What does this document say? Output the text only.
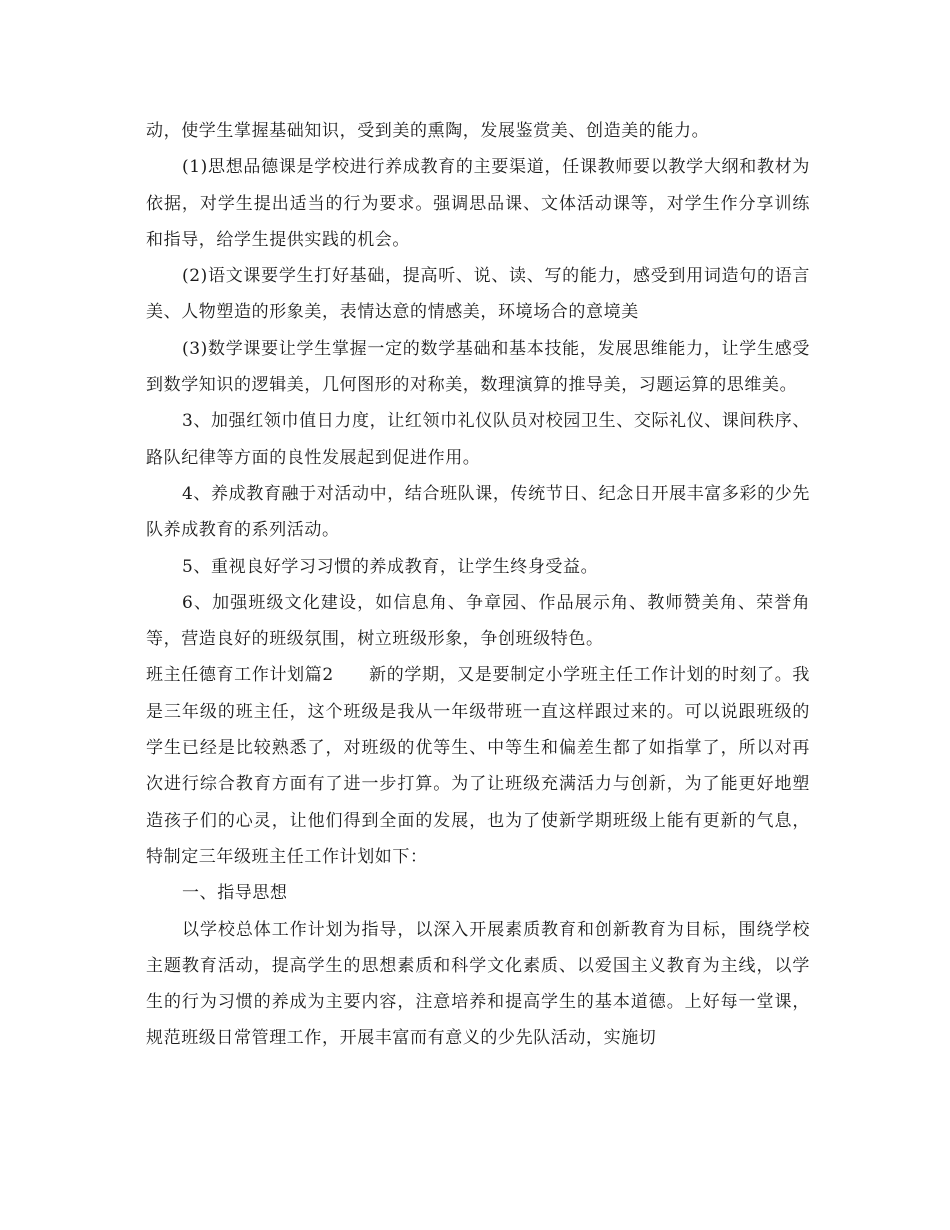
动，使学生掌握基础知识，受到美的熏陶，发展鉴赏美、创造美的能力。

(1)思想品德课是学校进行养成教育的主要渠道，任课教师要以教学大纲和教材为依据，对学生提出适当的行为要求。强调思品课、文体活动课等，对学生作分享训练和指导，给学生提供实践的机会。

(2)语文课要学生打好基础，提高听、说、读、写的能力，感受到用词造句的语言美、人物塑造的形象美，表情达意的情感美，环境场合的意境美

(3)数学课要让学生掌握一定的数学基础和基本技能，发展思维能力，让学生感受到数学知识的逻辑美，几何图形的对称美，数理演算的推导美，习题运算的思维美。

3、加强红领巾值日力度，让红领巾礼仪队员对校园卫生、交际礼仪、课间秩序、路队纪律等方面的良性发展起到促进作用。

4、养成教育融于对活动中，结合班队课，传统节日、纪念日开展丰富多彩的少先队养成教育的系列活动。

5、重视良好学习习惯的养成教育，让学生终身受益。

6、加强班级文化建设，如信息角、争章园、作品展示角、教师赞美角、荣誉角等，营造良好的班级氛围，树立班级形象，争创班级特色。

班主任德育工作计划篇2　　新的学期，又是要制定小学班主任工作计划的时刻了。我是三年级的班主任，这个班级是我从一年级带班一直这样跟过来的。可以说跟班级的学生已经是比较熟悉了，对班级的优等生、中等生和偏差生都了如指掌了，所以对再次进行综合教育方面有了进一步打算。为了让班级充满活力与创新，为了能更好地塑造孩子们的心灵，让他们得到全面的发展，也为了使新学期班级上能有更新的气息，特制定三年级班主任工作计划如下：

一、指导思想

以学校总体工作计划为指导，以深入开展素质教育和创新教育为目标，围绕学校主题教育活动，提高学生的思想素质和科学文化素质、以爱国主义教育为主线，以学生的行为习惯的养成为主要内容，注意培养和提高学生的基本道德。上好每一堂课，规范班级日常管理工作，开展丰富而有意义的少先队活动，实施切
